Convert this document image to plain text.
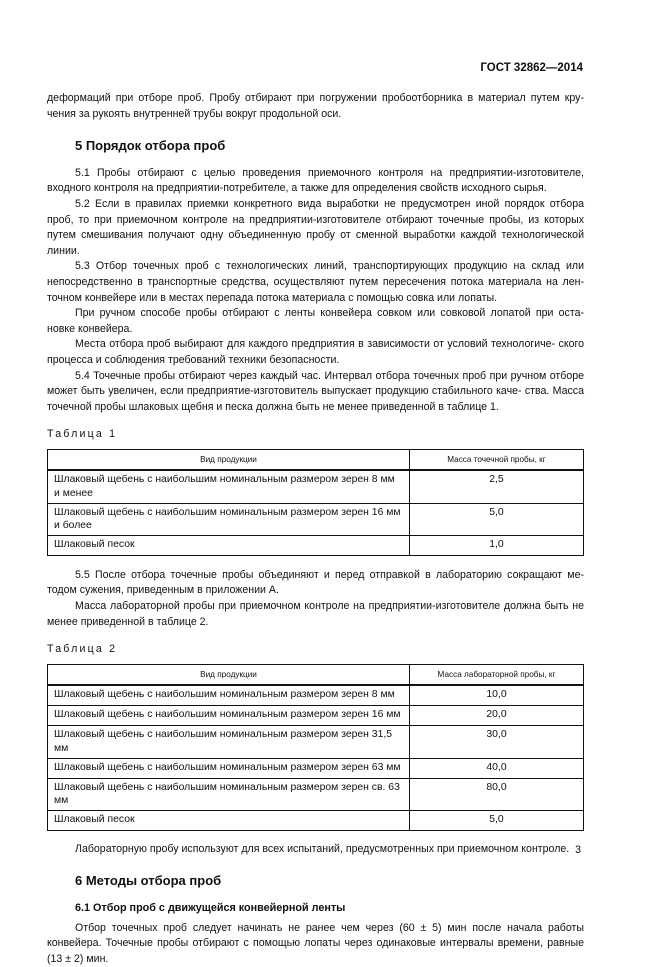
ГОСТ 32862—2014

деформаций при отборе проб. Пробу отбирают при погружении пробоотборника в материал путем кру- чения за рукоять внутренней трубы вокруг продольной оси.

5 Порядок отбора проб

5.1 Пробы отбирают с целью проведения приемочного контроля на предприятии-изготовителе, входного контроля на предприятии-потребителе, а также для определения свойств исходного сырья.

5.2 Если в правилах приемки конкретного вида выработки не предусмотрен иной порядок отбора проб, то при приемочном контроле на предприятии-изготовителе отбирают точечные пробы, из которых путем смешивания получают одну объединенную пробу от сменной выработки каждой технологической линии.

5.3 Отбор точечных проб с технологических линий, транспортирующих продукцию на склад или непосредственно в транспортные средства, осуществляют путем пересечения потока материала на лен- точном конвейере или в местах перепада потока материала с помощью совка или лопаты.

При ручном способе пробы отбирают с ленты конвейера совком или совковой лопатой при оста- новке конвейера.

Места отбора проб выбирают для каждого предприятия в зависимости от условий технологиче- ского процесса и соблюдения требований техники безопасности.

5.4 Точечные пробы отбирают через каждый час. Интервал отбора точечных проб при ручном отборе может быть увеличен, если предприятие-изготовитель выпускает продукцию стабильного каче- ства. Масса точечной пробы шлаковых щебня и песка должна быть не менее приведенной в таблице 1.

Таблица 1
Вид продукции	Масса точечной пробы, кг
Шлаковый щебень с наибольшим номинальным размером зерен 8 мм и менее	2,5
Шлаковый щебень с наибольшим номинальным размером зерен 16 мм и более	5,0
Шлаковый песок	1,0

5.5 После отбора точечные пробы объединяют и перед отправкой в лабораторию сокращают ме- тодом сужения, приведенным в приложении А.

Масса лабораторной пробы при приемочном контроле на предприятии-изготовителе должна быть не менее приведенной в таблице 2.

Таблица 2
Вид продукции	Масса лабораторной пробы, кг
Шлаковый щебень с наибольшим номинальным размером зерен 8 мм	10,0
Шлаковый щебень с наибольшим номинальным размером зерен 16 мм	20,0
Шлаковый щебень с наибольшим номинальным размером зерен 31,5 мм	30,0
Шлаковый щебень с наибольшим номинальным размером зерен 63 мм	40,0
Шлаковый щебень с наибольшим номинальным размером зерен св. 63 мм	80,0
Шлаковый песок	5,0

Лабораторную пробу используют для всех испытаний, предусмотренных при приемочном контроле.

6 Методы отбора проб
6.1 Отбор проб с движущейся конвейерной ленты

Отбор точечных проб следует начинать не ранее чем через (60 ± 5) мин после начала работы конвейера. Точечные пробы отбирают с помощью лопаты через одинаковые интервалы времени, равные (13 ± 2) мин.

3
